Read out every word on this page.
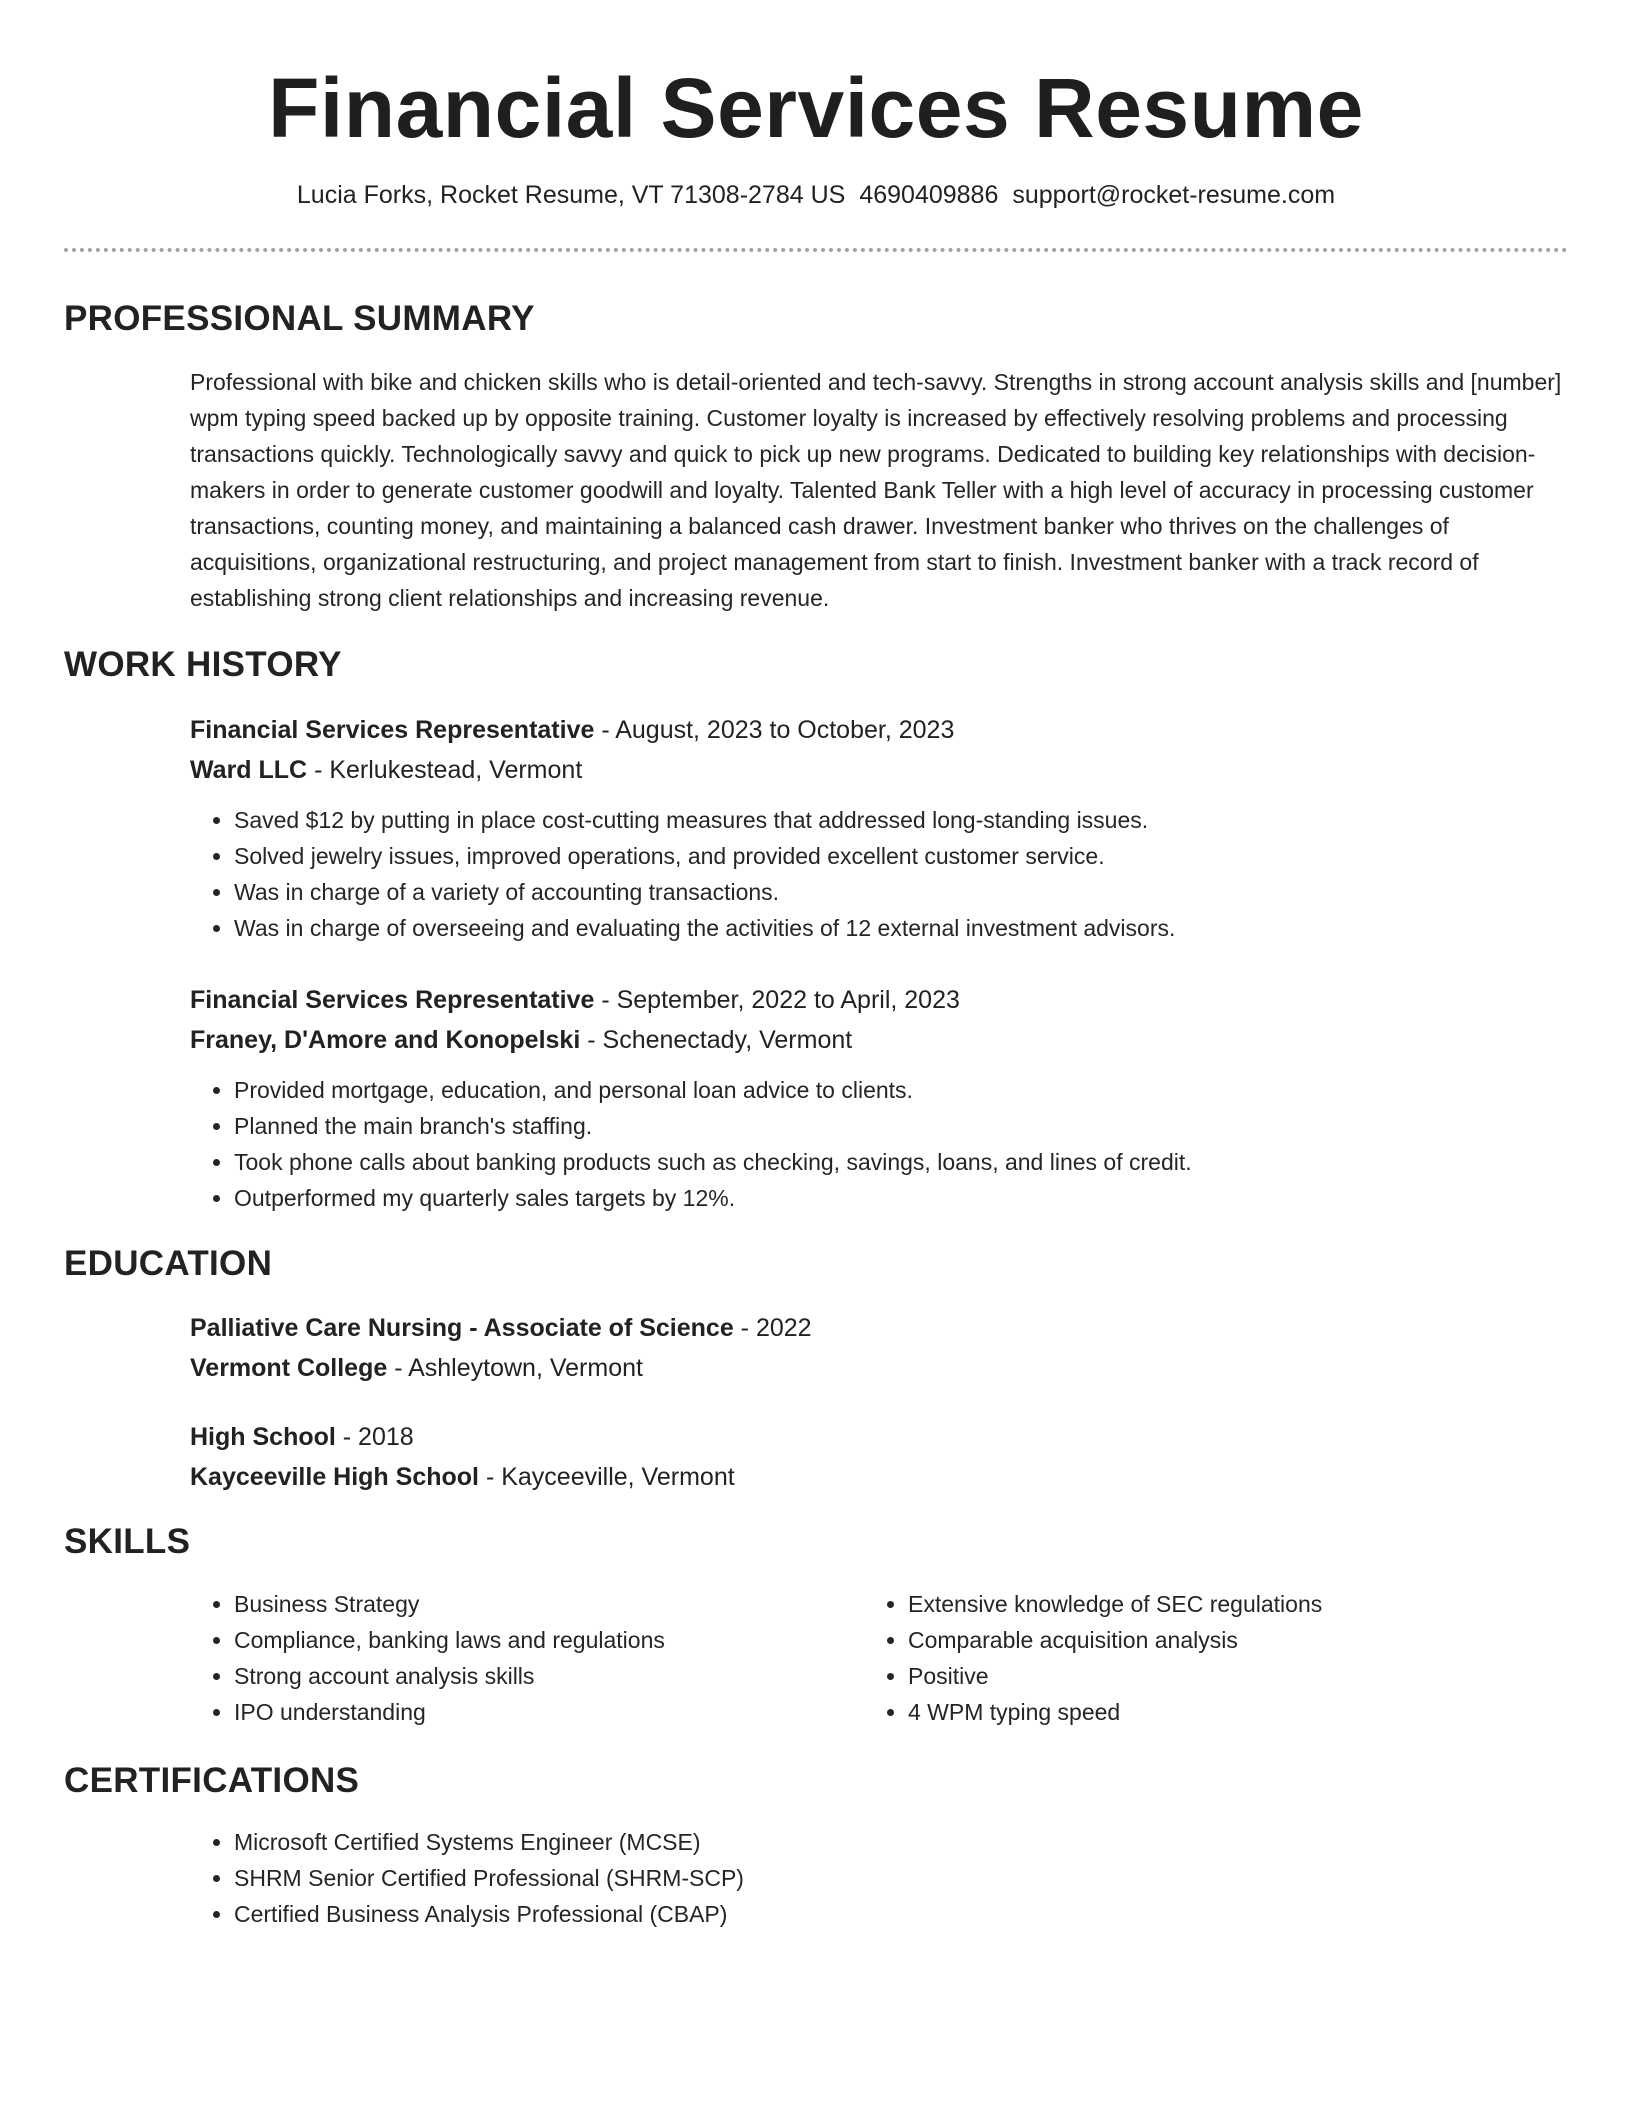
Financial Services Resume
Lucia Forks, Rocket Resume, VT 71308-2784 US 4690409886 support@rocket-resume.com
PROFESSIONAL SUMMARY

Professional with bike and chicken skills who is detail-oriented and tech-savvy. Strengths in strong account analysis skills and [number] wpm typing speed backed up by opposite training. Customer loyalty is increased by effectively resolving problems and processing transactions quickly. Technologically savvy and quick to pick up new programs. Dedicated to building key relationships with decision-makers in order to generate customer goodwill and loyalty. Talented Bank Teller with a high level of accuracy in processing customer transactions, counting money, and maintaining a balanced cash drawer. Investment banker who thrives on the challenges of acquisitions, organizational restructuring, and project management from start to finish. Investment banker with a track record of establishing strong client relationships and increasing revenue.

WORK HISTORY

Financial Services Representative - August, 2023 to October, 2023

Ward LLC - Kerlukestead, Vermont

• Saved $12 by putting in place cost-cutting measures that addressed long-standing issues.
• Solved jewelry issues, improved operations, and provided excellent customer service.
• Was in charge of a variety of accounting transactions.
• Was in charge of overseeing and evaluating the activities of 12 external investment advisors.

Financial Services Representative - September, 2022 to April, 2023

Franey, D'Amore and Konopelski - Schenectady, Vermont

• Provided mortgage, education, and personal loan advice to clients.
• Planned the main branch's staffing.
• Took phone calls about banking products such as checking, savings, loans, and lines of credit.
• Outperformed my quarterly sales targets by 12%.
EDUCATION

Palliative Care Nursing - Associate of Science - 2022

Vermont College - Ashleytown, Vermont

High School - 2018

Kayceeville High School - Kayceeville, Vermont

SKILLS
• Business Strategy
• Compliance, banking laws and regulations
• Strong account analysis skills
• IPO understanding
• Extensive knowledge of SEC regulations
• Comparable acquisition analysis
• Positive
• 4 WPM typing speed
CERTIFICATIONS
• Microsoft Certified Systems Engineer (MCSE)
• SHRM Senior Certified Professional (SHRM-SCP)
• Certified Business Analysis Professional (CBAP)
